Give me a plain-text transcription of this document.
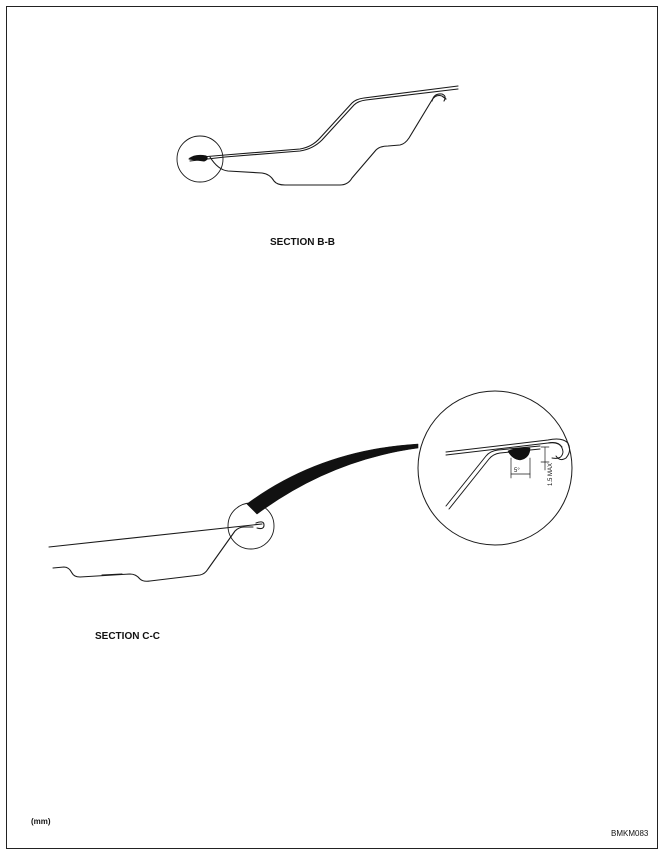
5°	1.5 MAX
SECTION B-B
SECTION C-C
(mm)
BMKM083
